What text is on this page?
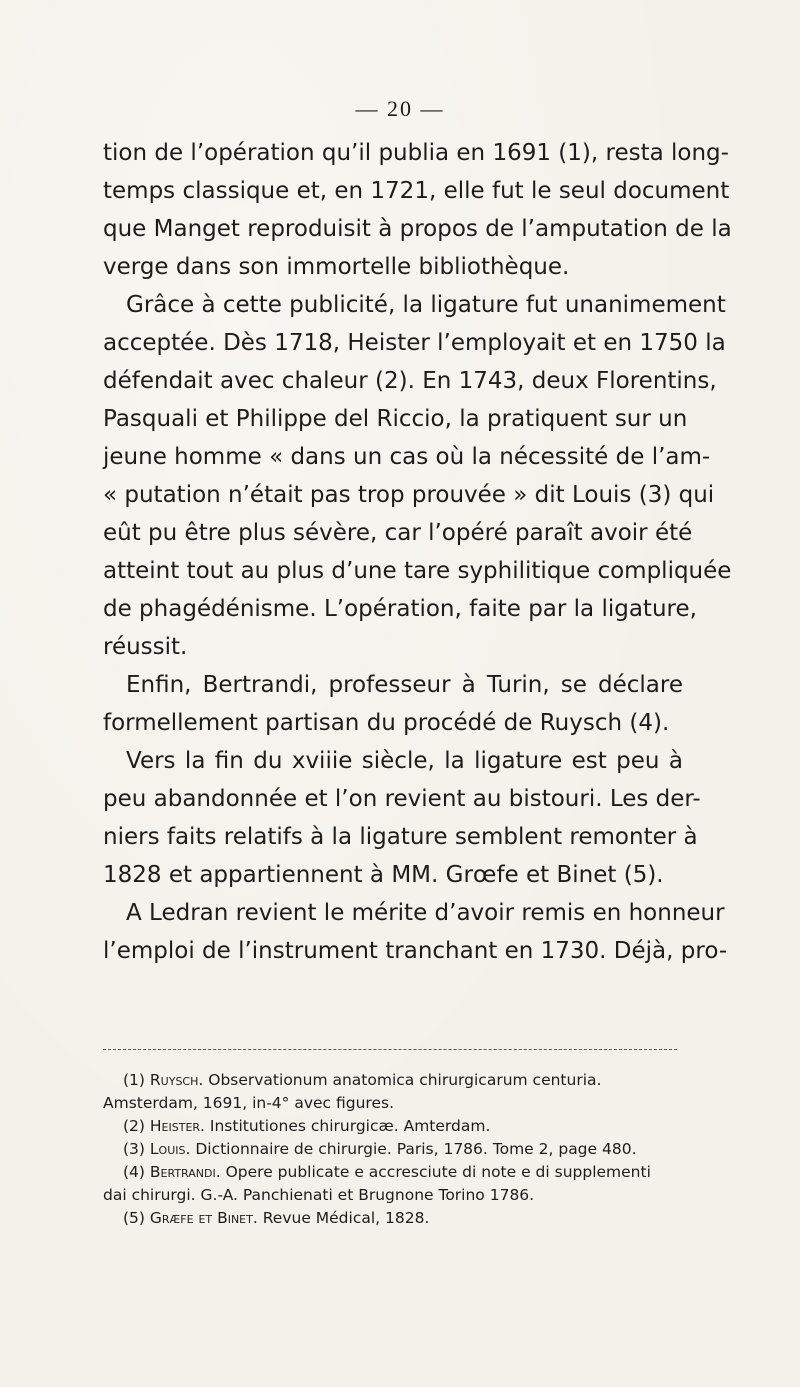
— 20 —
tion de l’opération qu’il publia en 1691 (1), resta long-
temps classique et, en 1721, elle fut le seul document
que Manget reproduisit à propos de l’amputation de la
verge dans son immortelle bibliothèque.
Grâce à cette publicité, la ligature fut unanimement
acceptée. Dès 1718, Heister l’employait et en 1750 la
défendait avec chaleur (2). En 1743, deux Florentins,
Pasquali et Philippe del Riccio, la pratiquent sur un
jeune homme « dans un cas où la nécessité de l’am-
« putation n’était pas trop prouvée » dit Louis (3) qui
eût pu être plus sévère, car l’opéré paraît avoir été
atteint tout au plus d’une tare syphilitique compliquée
de phagédénisme. L’opération, faite par la ligature,
réussit.
Enfin, Bertrandi, professeur à Turin, se déclare
formellement partisan du procédé de Ruysch (4).
Vers la fin du xviiie siècle, la ligature est peu à
peu abandonnée et l’on revient au bistouri. Les der-
niers faits relatifs à la ligature semblent remonter à
1828 et appartiennent à MM. Grœfe et Binet (5).
A Ledran revient le mérite d’avoir remis en honneur
l’emploi de l’instrument tranchant en 1730. Déjà, pro-
(1) Ruysch. Observationum anatomica chirurgicarum centuria.
Amsterdam, 1691, in-4° avec figures.
(2) Heister. Institutiones chirurgicæ. Amterdam.
(3) Louis. Dictionnaire de chirurgie. Paris, 1786. Tome 2, page 480.
(4) Bertrandi. Opere publicate e accresciute di note e di supplementi
dai chirurgi. G.-A. Panchienati et Brugnone Torino 1786.
(5) Græfe et Binet. Revue Médical, 1828.
